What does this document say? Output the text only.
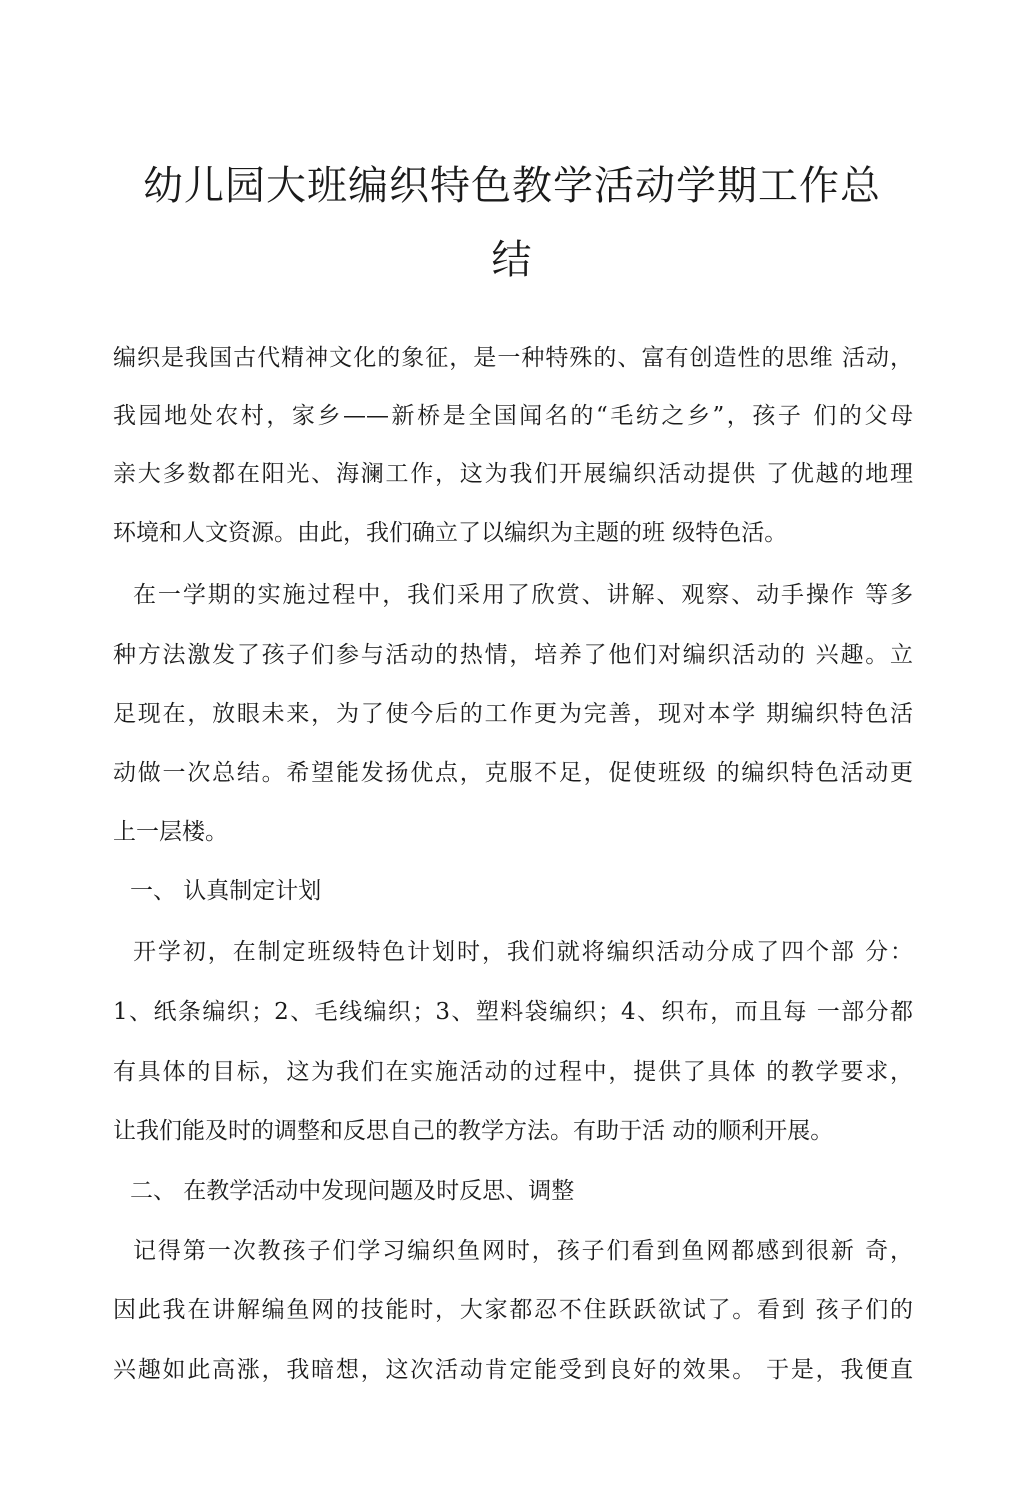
幼儿园大班编织特色教学活动学期工作总
结
编织是我国古代精神文化的象征，是一种特殊的、富有创造性的思维 活动，
我园地处农村，家乡——新桥是全国闻名的“毛纺之乡”，孩子 们的父母
亲大多数都在阳光、海澜工作，这为我们开展编织活动提供 了优越的地理
环境和人文资源。由此，我们确立了以编织为主题的班 级特色活。
在一学期的实施过程中，我们采用了欣赏、讲解、观察、动手操作 等多
种方法激发了孩子们参与活动的热情，培养了他们对编织活动的 兴趣。立
足现在，放眼未来，为了使今后的工作更为完善，现对本学 期编织特色活
动做一次总结。希望能发扬优点，克服不足，促使班级 的编织特色活动更
上一层楼。
一、 认真制定计划
开学初，在制定班级特色计划时，我们就将编织活动分成了四个部 分：
1、纸条编织；2、毛线编织；3、塑料袋编织；4、织布，而且每 一部分都
有具体的目标，这为我们在实施活动的过程中，提供了具体 的教学要求，
让我们能及时的调整和反思自己的教学方法。有助于活 动的顺利开展。
二、 在教学活动中发现问题及时反思、调整
记得第一次教孩子们学习编织鱼网时，孩子们看到鱼网都感到很新 奇，
因此我在讲解编鱼网的技能时，大家都忍不住跃跃欲试了。看到 孩子们的
兴趣如此高涨，我暗想，这次活动肯定能受到良好的效果。 于是，我便直
